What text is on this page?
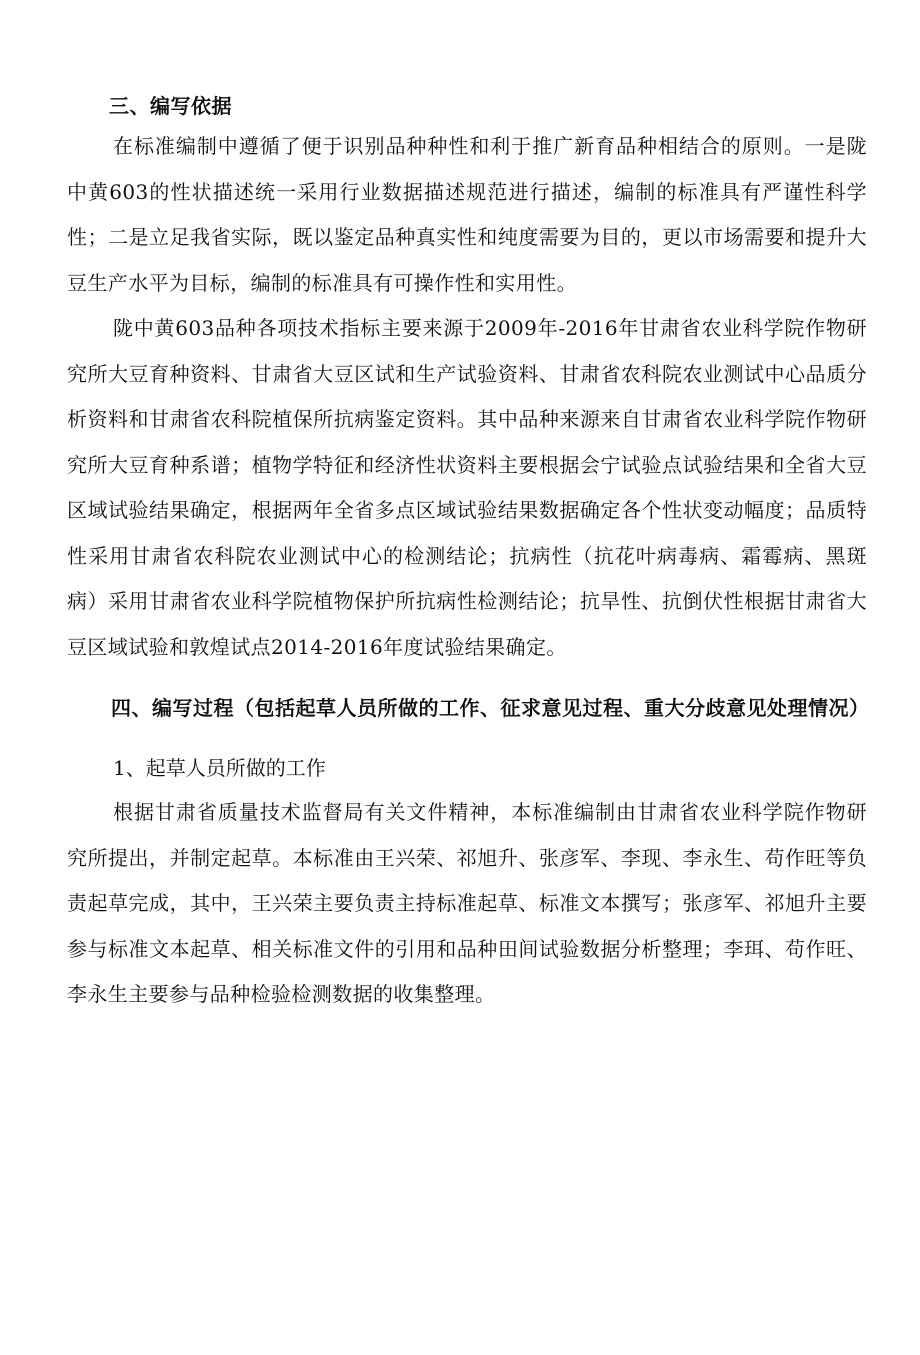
三、编写依据

在标准编制中遵循了便于识别品种种性和利于推广新育品种相结合的原则。一是陇中黄603的性状描述统一采用行业数据描述规范进行描述，编制的标准具有严谨性科学性；二是立足我省实际，既以鉴定品种真实性和纯度需要为目的，更以市场需要和提升大豆生产水平为目标，编制的标准具有可操作性和实用性。

陇中黄603品种各项技术指标主要来源于2009年-2016年甘肃省农业科学院作物研究所大豆育种资料、甘肃省大豆区试和生产试验资料、甘肃省农科院农业测试中心品质分析资料和甘肃省农科院植保所抗病鉴定资料。其中品种来源来自甘肃省农业科学院作物研究所大豆育种系谱；植物学特征和经济性状资料主要根据会宁试验点试验结果和全省大豆区域试验结果确定，根据两年全省多点区域试验结果数据确定各个性状变动幅度；品质特性采用甘肃省农科院农业测试中心的检测结论；抗病性（抗花叶病毒病、霜霉病、黑斑病）采用甘肃省农业科学院植物保护所抗病性检测结论；抗旱性、抗倒伏性根据甘肃省大豆区域试验和敦煌试点2014-2016年度试验结果确定。

四、编写过程（包括起草人员所做的工作、征求意见过程、重大分歧意见处理情况）

1、起草人员所做的工作

根据甘肃省质量技术监督局有关文件精神，本标准编制由甘肃省农业科学院作物研究所提出，并制定起草。本标准由王兴荣、祁旭升、张彦军、李现、李永生、苟作旺等负责起草完成，其中，王兴荣主要负责主持标准起草、标准文本撰写；张彦军、祁旭升主要参与标准文本起草、相关标准文件的引用和品种田间试验数据分析整理；李珥、苟作旺、李永生主要参与品种检验检测数据的收集整理。
